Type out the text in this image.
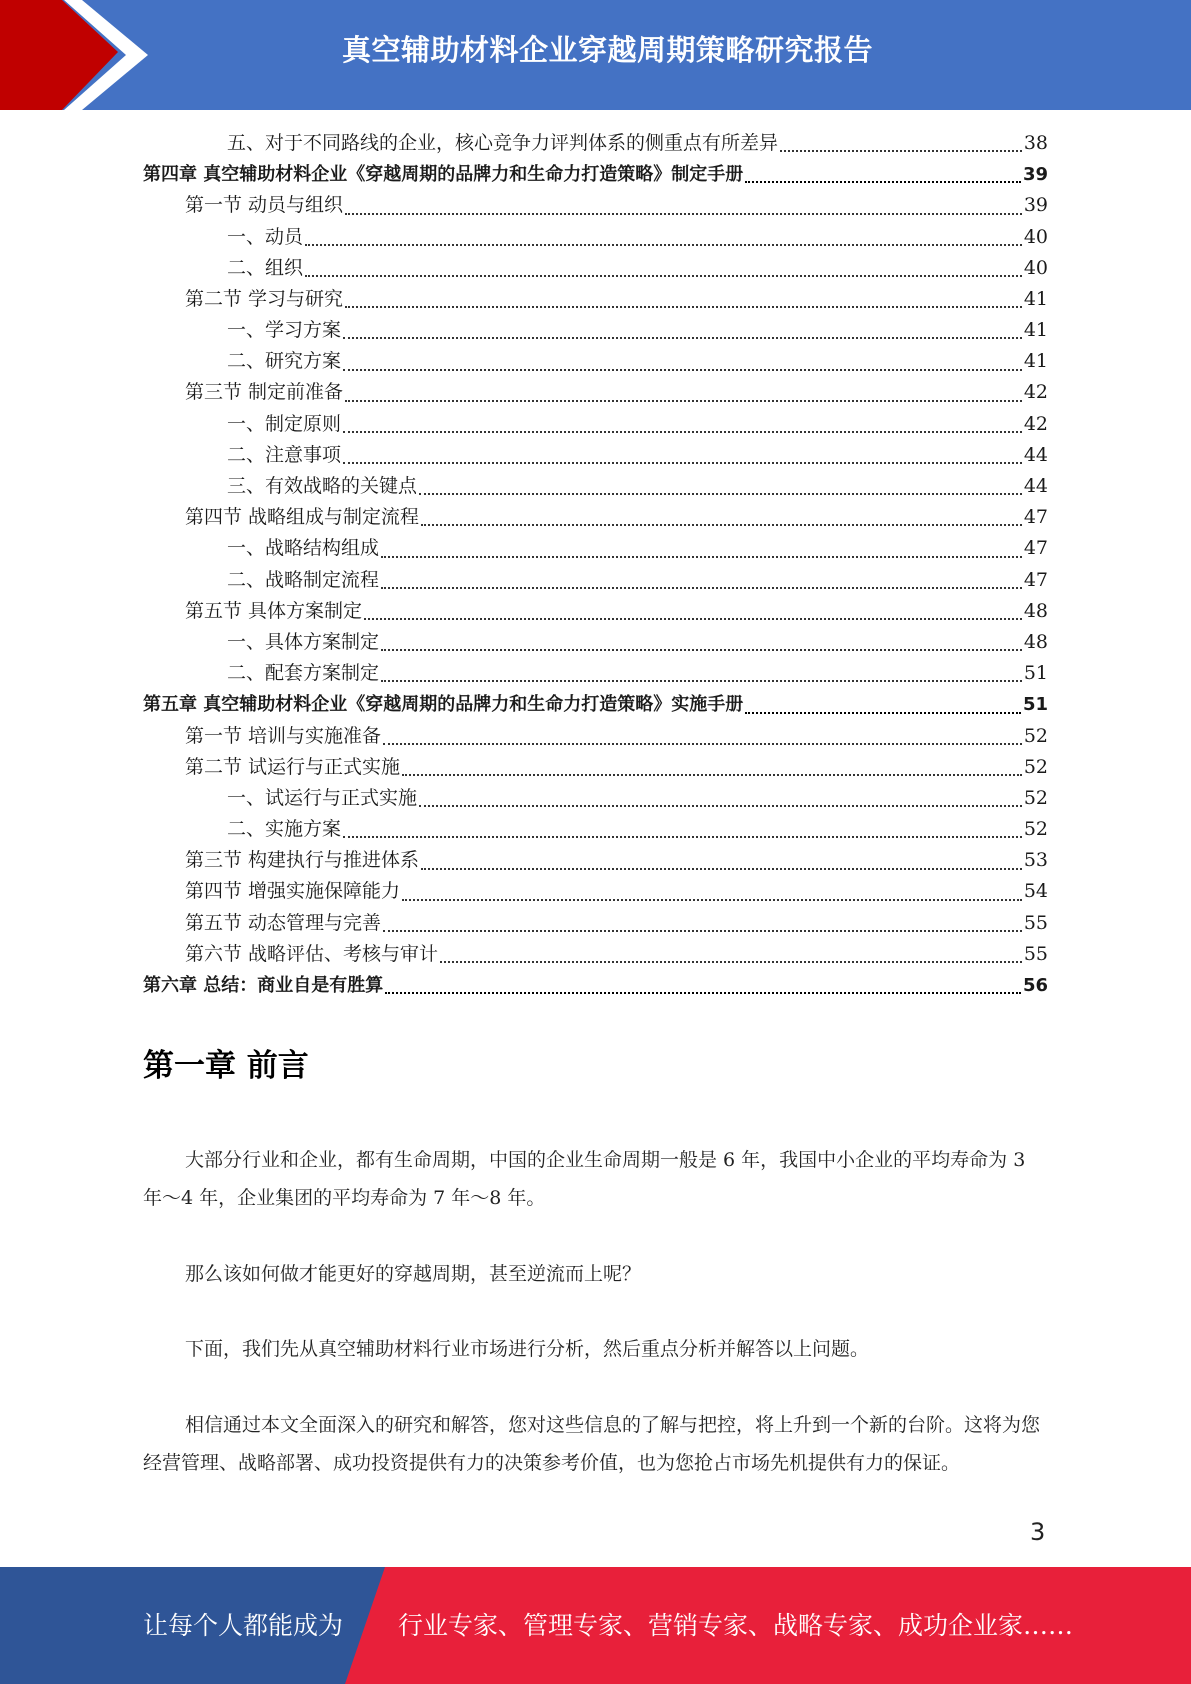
真空辅助材料企业穿越周期策略研究报告
五、对于不同路线的企业，核心竞争力评判体系的侧重点有所差异	38
第四章 真空辅助材料企业《穿越周期的品牌力和生命力打造策略》制定手册	39
第一节 动员与组织	39
一、动员	40
二、组织	40
第二节 学习与研究	41
一、学习方案	41
二、研究方案	41
第三节 制定前准备	42
一、制定原则	42
二、注意事项	44
三、有效战略的关键点	44
第四节 战略组成与制定流程	47
一、战略结构组成	47
二、战略制定流程	47
第五节 具体方案制定	48
一、具体方案制定	48
二、配套方案制定	51
第五章 真空辅助材料企业《穿越周期的品牌力和生命力打造策略》实施手册	51
第一节 培训与实施准备	52
第二节 试运行与正式实施	52
一、试运行与正式实施	52
二、实施方案	52
第三节 构建执行与推进体系	53
第四节 增强实施保障能力	54
第五节 动态管理与完善	55
第六节 战略评估、考核与审计	55
第六章 总结：商业自是有胜算	56
第一章 前言
大部分行业和企业，都有生命周期，中国的企业生命周期一般是 6 年，我国中小企业的平均寿命为 3 年～4 年，企业集团的平均寿命为 7 年～8 年。
那么该如何做才能更好的穿越周期，甚至逆流而上呢？
下面，我们先从真空辅助材料行业市场进行分析，然后重点分析并解答以上问题。
相信通过本文全面深入的研究和解答，您对这些信息的了解与把控，将上升到一个新的台阶。这将为您经营管理、战略部署、成功投资提供有力的决策参考价值，也为您抢占市场先机提供有力的保证。
3
让每个人都能成为 行业专家、管理专家、营销专家、战略专家、成功企业家……
